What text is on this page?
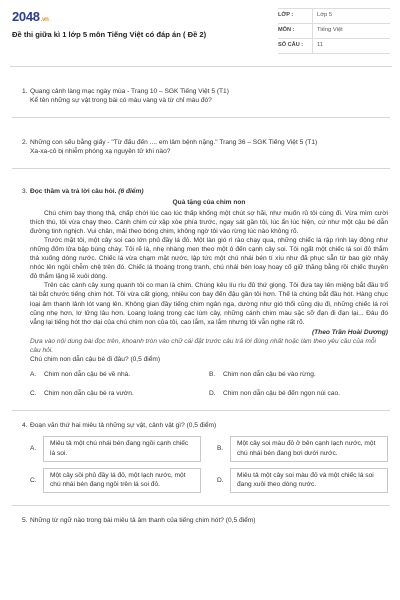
2048 .vn
Đề thi giữa kì 1 lớp 5 môn Tiếng Việt có đáp án ( Đề 2)
LỚP :	Lớp 5
MÔN :	Tiếng Việt
SỐ CÂU :	11
1. Quang cảnh làng mạc ngày mùa - Trang 10 – SGK Tiếng Việt 5 (T1)
Kể tên những sự vật trong bài có màu vàng và từ chỉ màu đó?
2. Những con sếu bằng giấy - "Từ đấu đến .... em lâm bệnh nặng." Trang 36 – SGK Tiếng Việt 5 (T1)
Xa-xa-cô bị nhiễm phóng xạ nguyên tử khi nào?
3. Đọc thầm và trả lời câu hỏi. (6 điểm)
Quà tặng của chim non

Chú chim bay thong thả, chấp chới lúc cao lúc thấp khống một chút sợ hãi, như muốn rủ tôi cùng đi. Vừa mìm cười thích thú, tôi vừa chạy theo. Cánh chim cứ xập xòe phía trước, ngay sát gần tôi, lúc ẩn lúc hiện, cứ như một cậu bé dẫn đường tinh nghịch. Vui chân, mải theo bóng chim, không ngờ tôi vào rừng lúc nào không rõ.

Trước mặt tôi, một cây soi cao lớn phủ đầy lá đỏ. Một làn gió rì rào chạy qua, những chiếc lá rập rình lay động như những đốm lửa bập bùng cháy. Tôi rẽ lá, nhẹ nhàng men theo một ô đến cạnh cây soi. Tôi ngất một chiếc lá soi đỏ thắm thả xuống dòng nước. Chiếc lá vừa chạm mặt nước, lập tức một chú nhái bén tí xíu như đã phục sẵn từ bao giờ nhảy nhóc lên ngồi chễm chệ trên đó. Chiếc lá thoáng trong tranh, chú nhái bén loay hoay cố giữ thăng bằng rồi chiếc thuyền đỏ thắm lặng lẽ xuôi dòng.

Trên các cành cây xung quanh tôi co man là chim. Chúng kêu líu ríu đủ thứ giọng. Tôi đưa tay lên miệng bắt đầu trổ tài bắt chước tiếng chim hót. Tôi vừa cất giọng, nhiều con bay đến đậu gần tôi hơn. Thế là chúng bắt đầu hót. Hàng chục loại âm thanh lảnh lót vang lên. Không gian đầy tiếng chim ngân nga, dường như gió thổi cũng dịu đi, những chiếc lá rơi cũng nhẹ hơn, lơ lửng lâu hơn. Loang loáng trong các lùm cây, những cánh chim màu sặc sỡ đạn đi đạn lại... Đâu đó vẳng lại tiếng hót thơ dại của chú chim non của tôi, cao lắm, xa lắm nhưng tôi vẫn nghe rất rõ.

(Theo Trần Hoài Dương)
Dựa vào nội dung bài đọc trên, khoanh tròn vào chữ cái đặt trước câu trả lời đúng nhất hoặc làm theo yêu cầu của mỗi câu hỏi.
Chú chim non dẫn cậu bé đi đâu? (0,5 điểm)
A.	Chim non dẫn cậu bé về nhà.	B.	Chim non dẫn cậu bé vào rừng.
C.	Chim non dẫn cậu bé ra vườn.	D.	Chim non dẫn cậu bé đến ngọn núi cao.
4. Đoạn văn thứ hai miêu tả những sự vật, cảnh vật gì? (0,5 điểm)
A.
Miêu tả một chú nhái bén đang ngồi cạnh chiếc lá soi.
B.
Một cây soi màu đỏ ở bên cạnh lạch nước, một chú nhái bén đang bơi dưới nước.
C.
Một cây sồi phủ đầy lá đỏ, một lạch nước, một chú nhái bén đang ngồi trên lá soi đỏ.
D.
Miêu tả một cây soi màu đỏ và một chiếc lá soi đang xuôi theo dòng nước.
5. Những từ ngữ nào trong bài miêu tả âm thanh của tiếng chim hót? (0,5 điểm)
